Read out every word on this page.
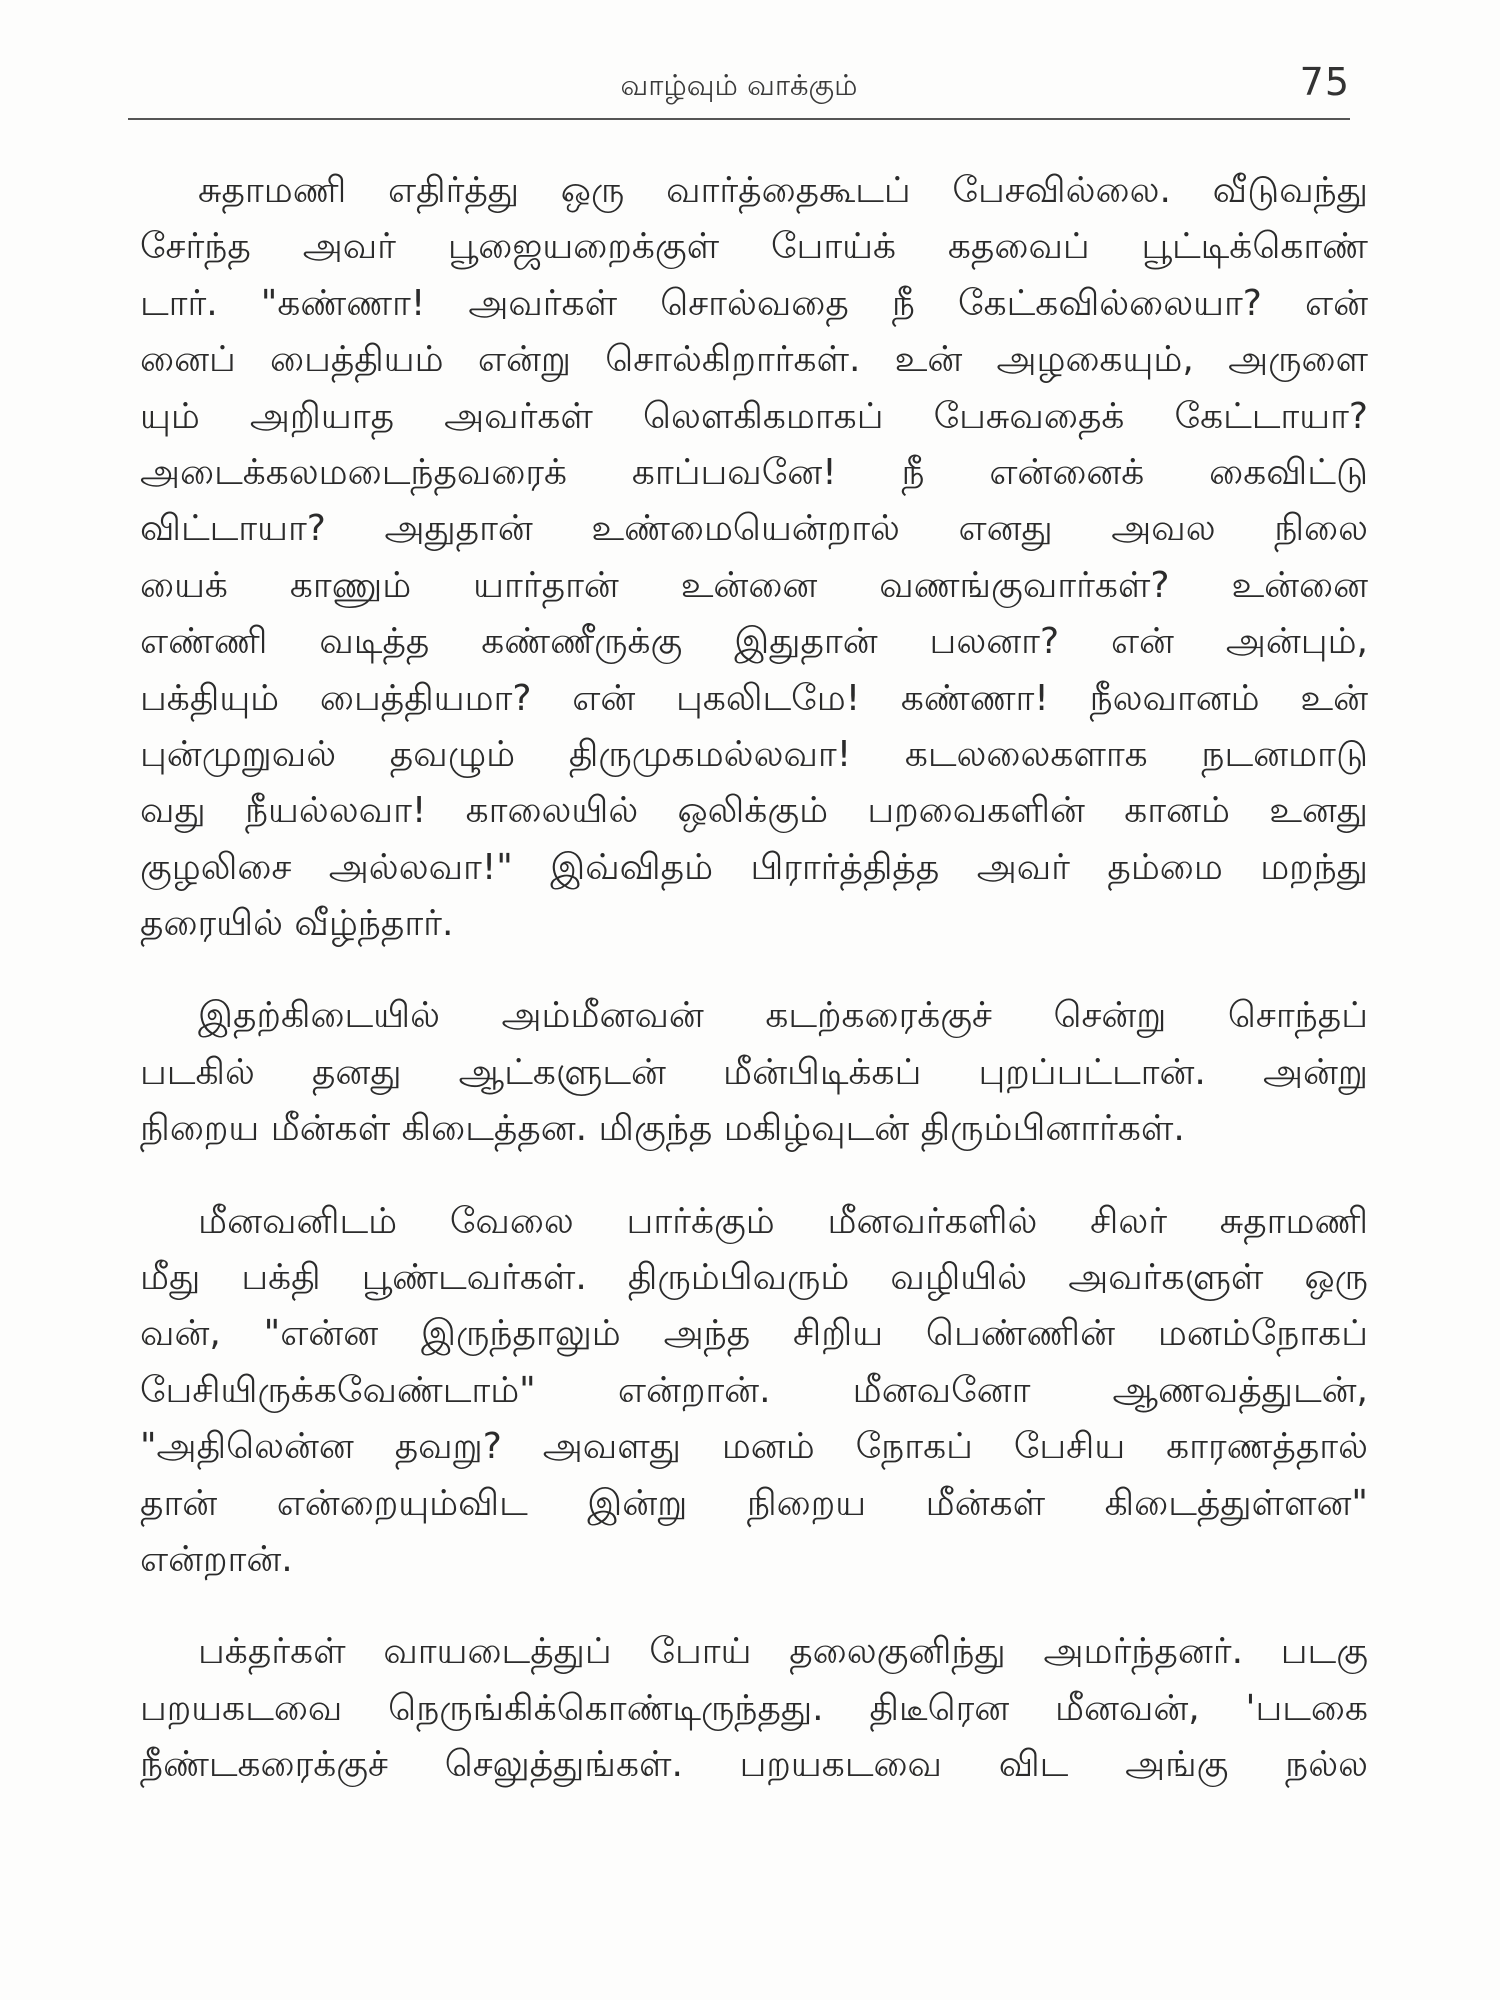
வாழ்வும் வாக்கும்	75
சுதாமணி எதிர்த்து ஒரு வார்த்தைகூடப் பேசவில்லை. வீடுவந்து
சேர்ந்த அவர் பூஜையறைக்குள் போய்க் கதவைப் பூட்டிக்கொண்
டார். "கண்ணா! அவர்கள் சொல்வதை நீ கேட்கவில்லையா? என்
னைப் பைத்தியம் என்று சொல்கிறார்கள். உன் அழகையும், அருளை
யும் அறியாத அவர்கள் லௌகிகமாகப் பேசுவதைக் கேட்டாயா?
அடைக்கலமடைந்தவரைக் காப்பவனே! நீ என்னைக் கைவிட்டு
விட்டாயா? அதுதான் உண்மையென்றால் எனது அவல நிலை
யைக் காணும் யார்தான் உன்னை வணங்குவார்கள்? உன்னை
எண்ணி வடித்த கண்ணீருக்கு இதுதான் பலனா? என் அன்பும்,
பக்தியும் பைத்தியமா? என் புகலிடமே! கண்ணா! நீலவானம் உன்
புன்முறுவல் தவழும் திருமுகமல்லவா! கடலலைகளாக நடனமாடு
வது நீயல்லவா! காலையில் ஒலிக்கும் பறவைகளின் கானம் உனது
குழலிசை அல்லவா!" இவ்விதம் பிரார்த்தித்த அவர் தம்மை மறந்து
தரையில் வீழ்ந்தார்.
இதற்கிடையில் அம்மீனவன் கடற்கரைக்குச் சென்று சொந்தப்
படகில் தனது ஆட்களுடன் மீன்பிடிக்கப் புறப்பட்டான். அன்று
நிறைய மீன்கள் கிடைத்தன. மிகுந்த மகிழ்வுடன் திரும்பினார்கள்.
மீனவனிடம் வேலை பார்க்கும் மீனவர்களில் சிலர் சுதாமணி
மீது பக்தி பூண்டவர்கள். திரும்பிவரும் வழியில் அவர்களுள் ஒரு
வன், "என்ன இருந்தாலும் அந்த சிறிய பெண்ணின் மனம்நோகப்
பேசியிருக்கவேண்டாம்" என்றான். மீனவனோ ஆணவத்துடன்,
"அதிலென்ன தவறு? அவளது மனம் நோகப் பேசிய காரணத்தால்
தான் என்றையும்விட இன்று நிறைய மீன்கள் கிடைத்துள்ளன"
என்றான்.
பக்தர்கள் வாயடைத்துப் போய் தலைகுனிந்து அமர்ந்தனர். படகு
பறயகடவை நெருங்கிக்கொண்டிருந்தது. திடீரென மீனவன், 'படகை
நீண்டகரைக்குச் செலுத்துங்கள். பறயகடவை விட அங்கு நல்ல
